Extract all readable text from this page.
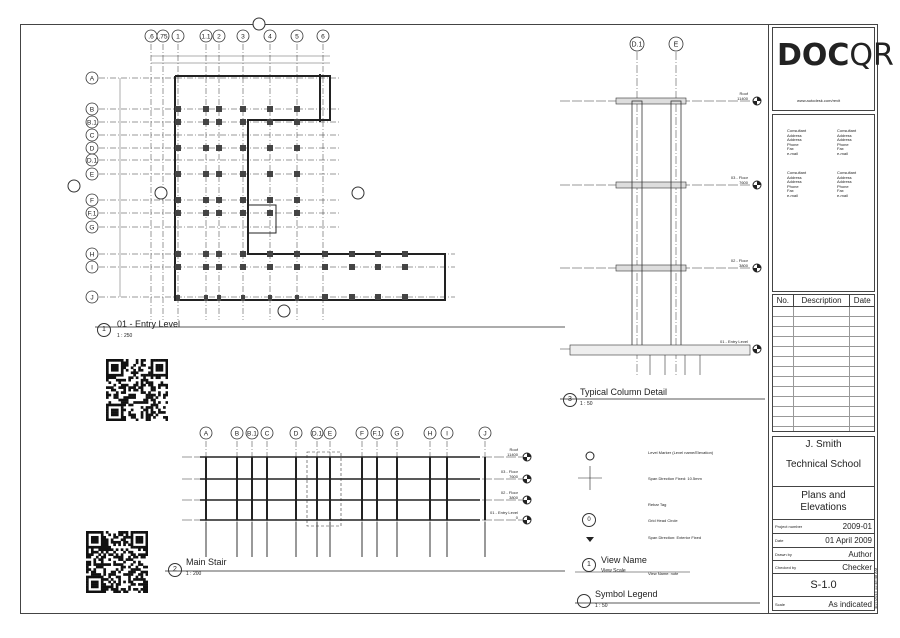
.6 .75 1	1.1 2	3	4	5	6
A
B
B.1
C
D
D.1
E
F
F.1
G
H
I
J
D.1	E
Roof
11400
03 - Floor
7600
02 - Floor
3800
01 - Entry Level
A	B B.1 C	D D.1 E	F F.1 G	H I	J
Roof
11400
03 - Floor
7600
02 - Floor
3800
01 - Entry Level
0
1
01 - Entry Level
1 : 250
3
Typical Column Detail
1 : 50
2
Main Stair
1 : 200
Symbol Legend
1 : 50
Level Marker (Level name/Elevation)
Span Direction Fixed: 10.5mm
Rebar Tag
Grid Head Circle
Span Direction: Exterior Fixed
0
1	View Name
View Scale	View Name: note
DOCQR
www.autodesk.com/revit
Consultant
Address
Address
Phone
Fax
e-mail
Consultant
Address
Address
Phone
Fax
e-mail
Consultant
Address
Address
Phone
Fax
e-mail
Consultant
Address
Address
Phone
Fax
e-mail
No.	Description	Date
J. Smith
Technical School
Plans and Elevations
Project number	2009-01
Date	01 April 2009
Drawn by	Author
Checked by	Checker
S-1.0
Scale	As indicated 4/27/2015 11:48:48 AM
